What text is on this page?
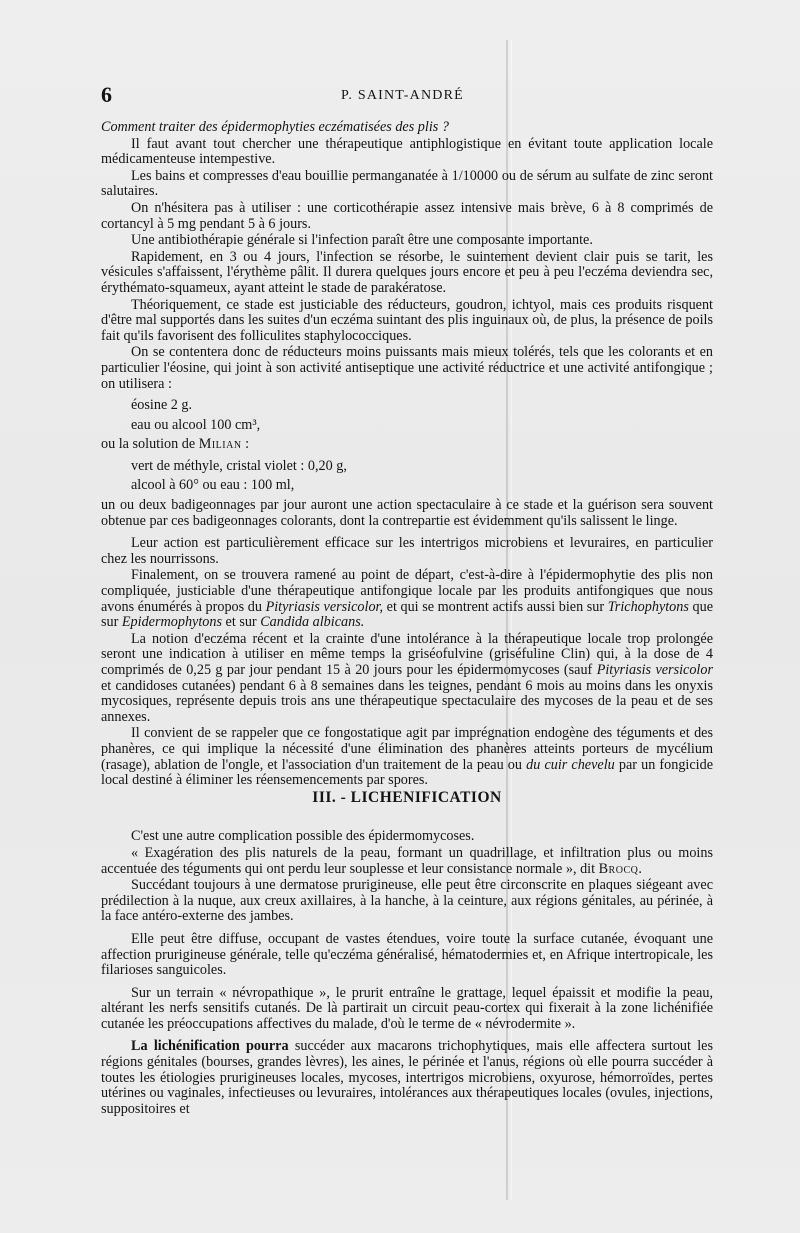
6	P. SAINT-ANDRÉ

Comment traiter des épidermophyties eczématisées des plis ?

Il faut avant tout chercher une thérapeutique antiphlogistique en évitant toute application locale médicamenteuse intempestive.

Les bains et compresses d'eau bouillie permanganatée à 1/10000 ou de sérum au sulfate de zinc seront salutaires.

On n'hésitera pas à utiliser : une corticothérapie assez intensive mais brève, 6 à 8 comprimés de cortancyl à 5 mg pendant 5 à 6 jours.

Une antibiothérapie générale si l'infection paraît être une composante importante.

Rapidement, en 3 ou 4 jours, l'infection se résorbe, le suintement devient clair puis se tarit, les vésicules s'affaissent, l'érythème pâlit. Il durera quelques jours encore et peu à peu l'eczéma deviendra sec, érythémato-squameux, ayant atteint le stade de parakératose.

Théoriquement, ce stade est justiciable des réducteurs, goudron, ichtyol, mais ces produits risquent d'être mal supportés dans les suites d'un eczéma suintant des plis inguinaux où, de plus, la présence de poils fait qu'ils favorisent des folliculites staphylococciques.

On se contentera donc de réducteurs moins puissants mais mieux tolérés, tels que les colorants et en particulier l'éosine, qui joint à son activité antiseptique une activité réductrice et une activité antifongique ; on utilisera :

éosine 2 g.
eau ou alcool 100 cm³,

ou la solution de Milian :

vert de méthyle, cristal violet : 0,20 g,
alcool à 60° ou eau : 100 ml,

un ou deux badigeonnages par jour auront une action spectaculaire à ce stade et la guérison sera souvent obtenue par ces badigeonnages colorants, dont la contrepartie est évidemment qu'ils salissent le linge.

Leur action est particulièrement efficace sur les intertrigos microbiens et levuraires, en particulier chez les nourrissons.

Finalement, on se trouvera ramené au point de départ, c'est-à-dire à l'épidermophytie des plis non compliquée, justiciable d'une thérapeutique antifongique locale par les produits antifongiques que nous avons énumérés à propos du Pityriasis versicolor, et qui se montrent actifs aussi bien sur Trichophytons que sur Epidermophytons et sur Candida albicans.

La notion d'eczéma récent et la crainte d'une intolérance à la thérapeutique locale trop prolongée seront une indication à utiliser en même temps la griséofulvine (griséfuline Clin) qui, à la dose de 4 comprimés de 0,25 g par jour pendant 15 à 20 jours pour les épidermomycoses (sauf Pityriasis versicolor et candidoses cutanées) pendant 6 à 8 semaines dans les teignes, pendant 6 mois au moins dans les onyxis mycosiques, représente depuis trois ans une thérapeutique spectaculaire des mycoses de la peau et de ses annexes.

Il convient de se rappeler que ce fongostatique agit par imprégnation endogène des téguments et des phanères, ce qui implique la nécessité d'une élimination des phanères atteints porteurs de mycélium (rasage), ablation de l'ongle, et l'association d'un traitement de la peau ou du cuir chevelu par un fongicide local destiné à éliminer les réensemencements par spores.

III. - LICHENIFICATION

C'est une autre complication possible des épidermomycoses.

« Exagération des plis naturels de la peau, formant un quadrillage, et infiltration plus ou moins accentuée des téguments qui ont perdu leur souplesse et leur consistance normale », dit Brocq.

Succédant toujours à une dermatose prurigineuse, elle peut être circonscrite en plaques siégeant avec prédilection à la nuque, aux creux axillaires, à la hanche, à la ceinture, aux régions génitales, au périnée, à la face antéro-externe des jambes.

Elle peut être diffuse, occupant de vastes étendues, voire toute la surface cutanée, évoquant une affection prurigineuse générale, telle qu'eczéma généralisé, hématodermies et, en Afrique intertropicale, les filarioses sanguicoles.

Sur un terrain « névropathique », le prurit entraîne le grattage, lequel épaissit et modifie la peau, altérant les nerfs sensitifs cutanés. De là partirait un circuit peau-cortex qui fixerait à la zone lichénifiée cutanée les préoccupations affectives du malade, d'où le terme de « névrodermite ».

La lichénification pourra succéder aux macarons trichophytiques, mais elle affectera surtout les régions génitales (bourses, grandes lèvres), les aines, le périnée et l'anus, régions où elle pourra succéder à toutes les étiologies prurigineuses locales, mycoses, intertrigos microbiens, oxyurose, hémorroïdes, pertes utérines ou vaginales, infectieuses ou levuraires, intolérances aux thérapeutiques locales (ovules, injections, suppositoires et
